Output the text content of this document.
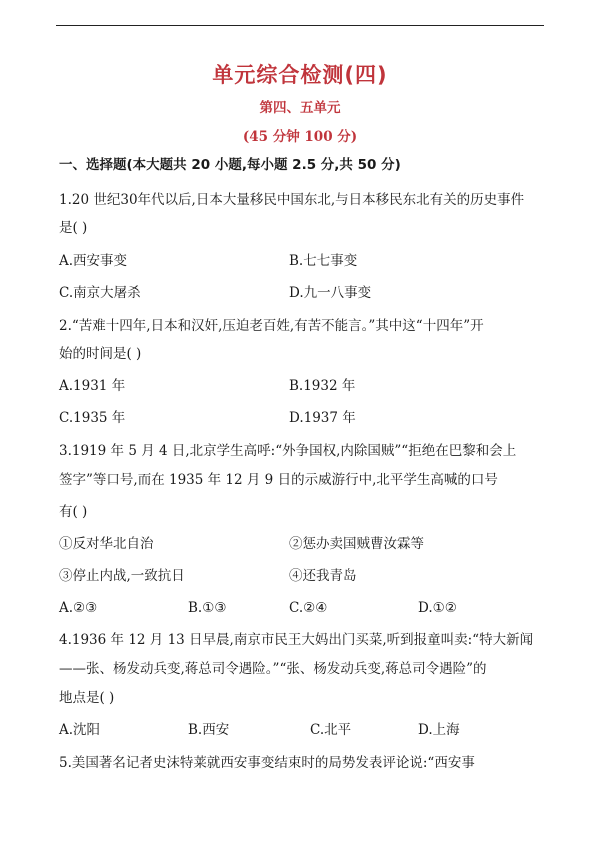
单元综合检测(四)
第四、五单元
(45 分钟 100 分)
一、选择题(本大题共 20 小题,每小题 2.5 分,共 50 分)
1.20 世纪30年代以后,日本大量移民中国东北,与日本移民东北有关的历史事件
是( )
A.西安事变	B.七七事变
C.南京大屠杀	D.九一八事变
2.“苦难十四年,日本和汉奸,压迫老百姓,有苦不能言。”其中这“十四年”开
始的时间是( )
A.1931 年	B.1932 年
C.1935 年	D.1937 年
3.1919 年 5 月 4 日,北京学生高呼:“外争国权,内除国贼”“拒绝在巴黎和会上
签字”等口号,而在 1935 年 12 月 9 日的示威游行中,北平学生高喊的口号
有( )
①反对华北自治	②惩办卖国贼曹汝霖等
③停止内战,一致抗日	④还我青岛
A.②③	B.①③	C.②④	D.①②
4.1936 年 12 月 13 日早晨,南京市民王大妈出门买菜,听到报童叫卖:“特大新闻
——张、杨发动兵变,蒋总司令遇险。”“张、杨发动兵变,蒋总司令遇险”的
地点是( )
A.沈阳	B.西安	C.北平	D.上海
5.美国著名记者史沫特莱就西安事变结束时的局势发表评论说:“西安事
